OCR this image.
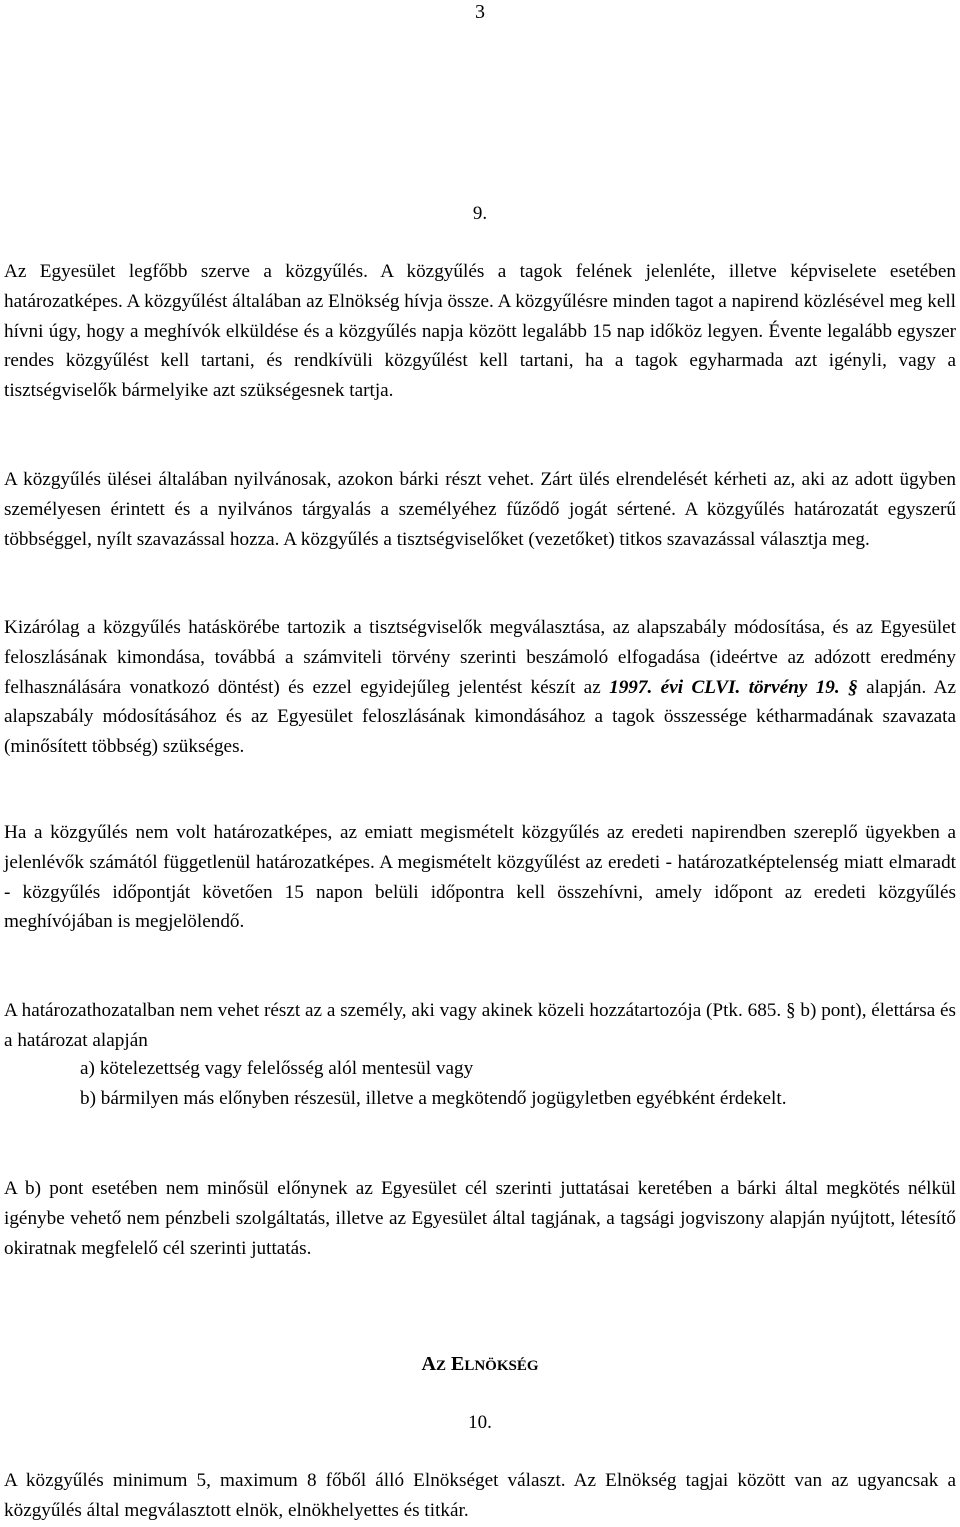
3
9.
Az Egyesület legfőbb szerve a közgyűlés. A közgyűlés a tagok felének jelenléte, illetve képviselete esetében határozatképes. A közgyűlést általában az Elnökség hívja össze. A közgyűlésre minden tagot a napirend közlésével meg kell hívni úgy, hogy a meghívók elküldése és a közgyűlés napja között legalább 15 nap időköz legyen. Évente legalább egyszer rendes közgyűlést kell tartani, és rendkívüli közgyűlést kell tartani, ha a tagok egyharmada azt igényli, vagy a tisztségviselők bármelyike azt szükségesnek tartja.
A közgyűlés ülései általában nyilvánosak, azokon bárki részt vehet. Zárt ülés elrendelését kérheti az, aki az adott ügyben személyesen érintett és a nyilvános tárgyalás a személyéhez fűződő jogát sértené. A közgyűlés határozatát egyszerű többséggel, nyílt szavazással hozza. A közgyűlés a tisztségviselőket (vezetőket) titkos szavazással választja meg.
Kizárólag a közgyűlés hatáskörébe tartozik a tisztségviselők megválasztása, az alapszabály módosítása, és az Egyesület feloszlásának kimondása, továbbá a számviteli törvény szerinti beszámoló elfogadása (ideértve az adózott eredmény felhasználására vonatkozó döntést) és ezzel egyidejűleg jelentést készít az 1997. évi CLVI. törvény 19. § alapján. Az alapszabály módosításához és az Egyesület feloszlásának kimondásához a tagok összessége kétharmadának szavazata (minősített többség) szükséges.
Ha a közgyűlés nem volt határozatképes, az emiatt megismételt közgyűlés az eredeti napirendben szereplő ügyekben a jelenlévők számától függetlenül határozatképes. A megismételt közgyűlést az eredeti - határozatképtelenség miatt elmaradt - közgyűlés időpontját követően 15 napon belüli időpontra kell összehívni, amely időpont az eredeti közgyűlés meghívójában is megjelölendő.
A határozathozatalban nem vehet részt az a személy, aki vagy akinek közeli hozzátartozója (Ptk. 685. § b) pont), élettársa és a határozat alapján
a) kötelezettség vagy felelősség alól mentesül vagy
b) bármilyen más előnyben részesül, illetve a megkötendő jogügyletben egyébként érdekelt.
A b) pont esetében nem minősül előnynek az Egyesület cél szerinti juttatásai keretében a bárki által megkötés nélkül igénybe vehető nem pénzbeli szolgáltatás, illetve az Egyesület által tagjának, a tagsági jogviszony alapján nyújtott, létesítő okiratnak megfelelő cél szerinti juttatás.
AZ ELNÖKSÉG
10.
A közgyűlés minimum 5, maximum 8 főből álló Elnökséget választ. Az Elnökség tagjai között van az ugyancsak a közgyűlés által megválasztott elnök, elnökhelyettes és titkár.
